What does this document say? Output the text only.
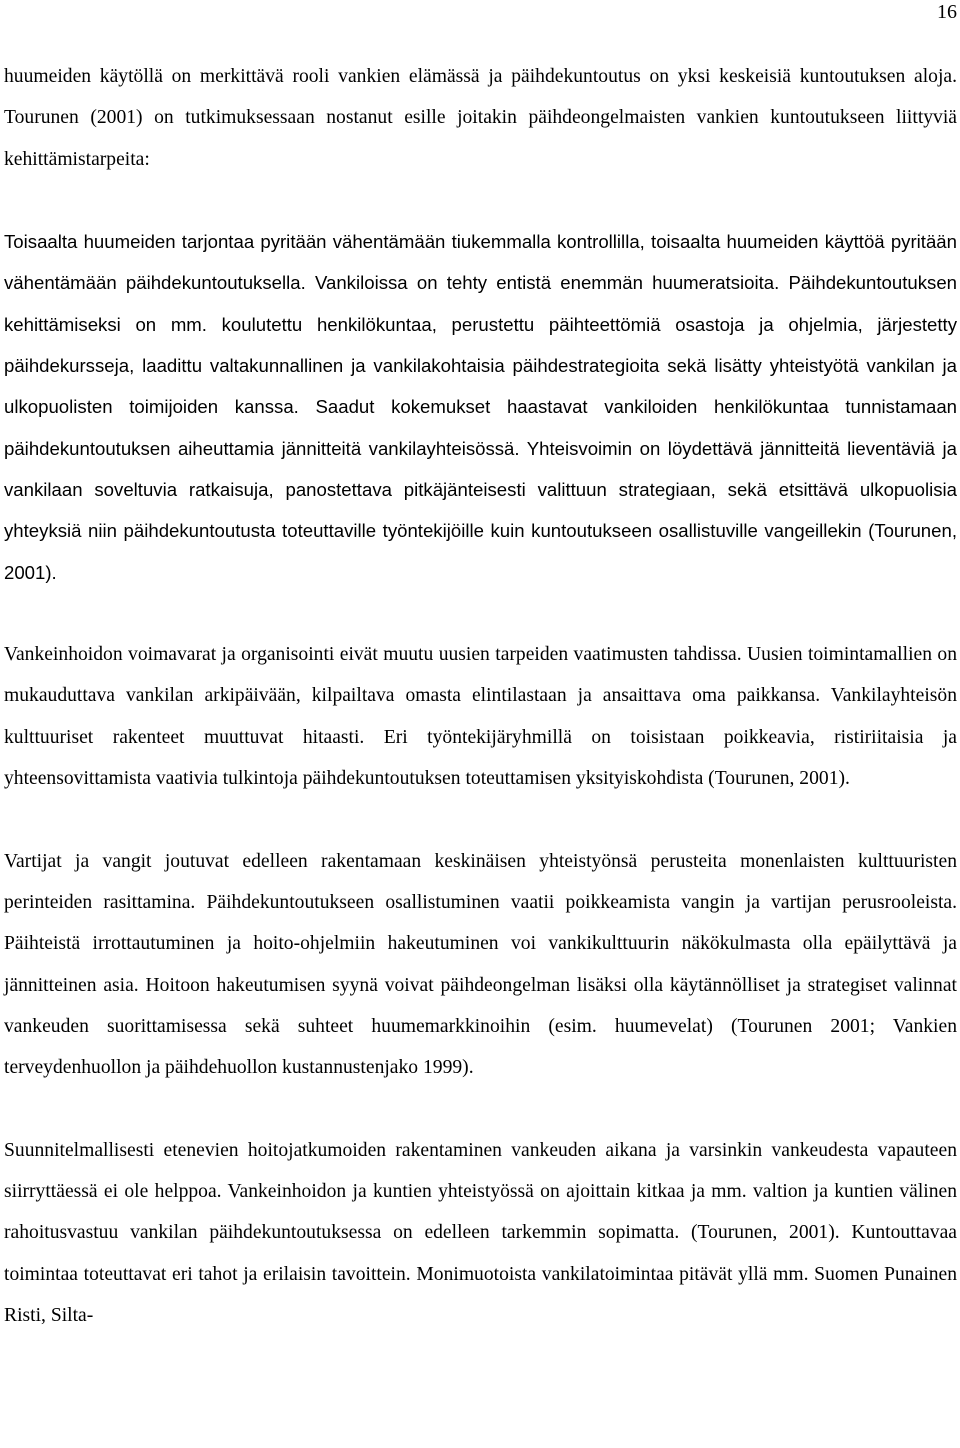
16

huumeiden käytöllä on merkittävä rooli vankien elämässä ja päihdekuntoutus on yksi keskeisiä kuntoutuksen aloja. Tourunen (2001) on tutkimuksessaan nostanut esille joitakin päihdeongelmaisten vankien kuntoutukseen liittyviä kehittämistarpeita:

Toisaalta huumeiden tarjontaa pyritään vähentämään tiukemmalla kontrollilla, toisaalta huumeiden käyttöä pyritään vähentämään päihdekuntoutuksella. Vankiloissa on tehty entistä enemmän huumeratsioita. Päihdekuntoutuksen kehittämiseksi on mm. koulutettu henkilökuntaa, perustettu päihteettömiä osastoja ja ohjelmia, järjestetty päihdekursseja, laadittu valtakunnallinen ja vankilakohtaisia päihdestrategioita sekä lisätty yhteistyötä vankilan ja ulkopuolisten toimijoiden kanssa. Saadut kokemukset haastavat vankiloiden henkilökuntaa tunnistamaan päihdekuntoutuksen aiheuttamia jännitteitä vankilayhteisössä. Yhteisvoimin on löydettävä jännitteitä lieventäviä ja vankilaan soveltuvia ratkaisuja, panostettava pitkäjänteisesti valittuun strategiaan, sekä etsittävä ulkopuolisia yhteyksiä niin päihdekuntoutusta toteuttaville työntekijöille kuin kuntoutukseen osallistuville vangeillekin (Tourunen, 2001).

Vankeinhoidon voimavarat ja organisointi eivät muutu uusien tarpeiden vaatimusten tahdissa. Uusien toimintamallien on mukauduttava vankilan arkipäivään, kilpailtava omasta elintilastaan ja ansaittava oma paikkansa. Vankilayhteisön kulttuuriset rakenteet muuttuvat hitaasti. Eri työntekijäryhmillä on toisistaan poikkeavia, ristiriitaisia ja yhteensovittamista vaativia tulkintoja päihdekuntoutuksen toteuttamisen yksityiskohdista (Tourunen, 2001).

Vartijat ja vangit joutuvat edelleen rakentamaan keskinäisen yhteistyönsä perusteita monenlaisten kulttuuristen perinteiden rasittamina. Päihdekuntoutukseen osallistuminen vaatii poikkeamista vangin ja vartijan perusrooleista. Päihteistä irrottautuminen ja hoito-ohjelmiin hakeutuminen voi vankikulttuurin näkökulmasta olla epäilyttävä ja jännitteinen asia. Hoitoon hakeutumisen syynä voivat päihdeongelman lisäksi olla käytännölliset ja strategiset valinnat vankeuden suorittamisessa sekä suhteet huumemarkkinoihin (esim. huumevelat) (Tourunen 2001; Vankien terveydenhuollon ja päihdehuollon kustannustenjako 1999).

Suunnitelmallisesti etenevien hoitojatkumoiden rakentaminen vankeuden aikana ja varsinkin vankeudesta vapauteen siirryttäessä ei ole helppoa. Vankeinhoidon ja kuntien yhteistyössä on ajoittain kitkaa ja mm. valtion ja kuntien välinen rahoitusvastuu vankilan päihdekuntoutuksessa on edelleen tarkemmin sopimatta. (Tourunen, 2001). Kuntouttavaa toimintaa toteuttavat eri tahot ja erilaisin tavoittein. Monimuotoista vankilatoimintaa pitävät yllä mm. Suomen Punainen Risti, Silta-
